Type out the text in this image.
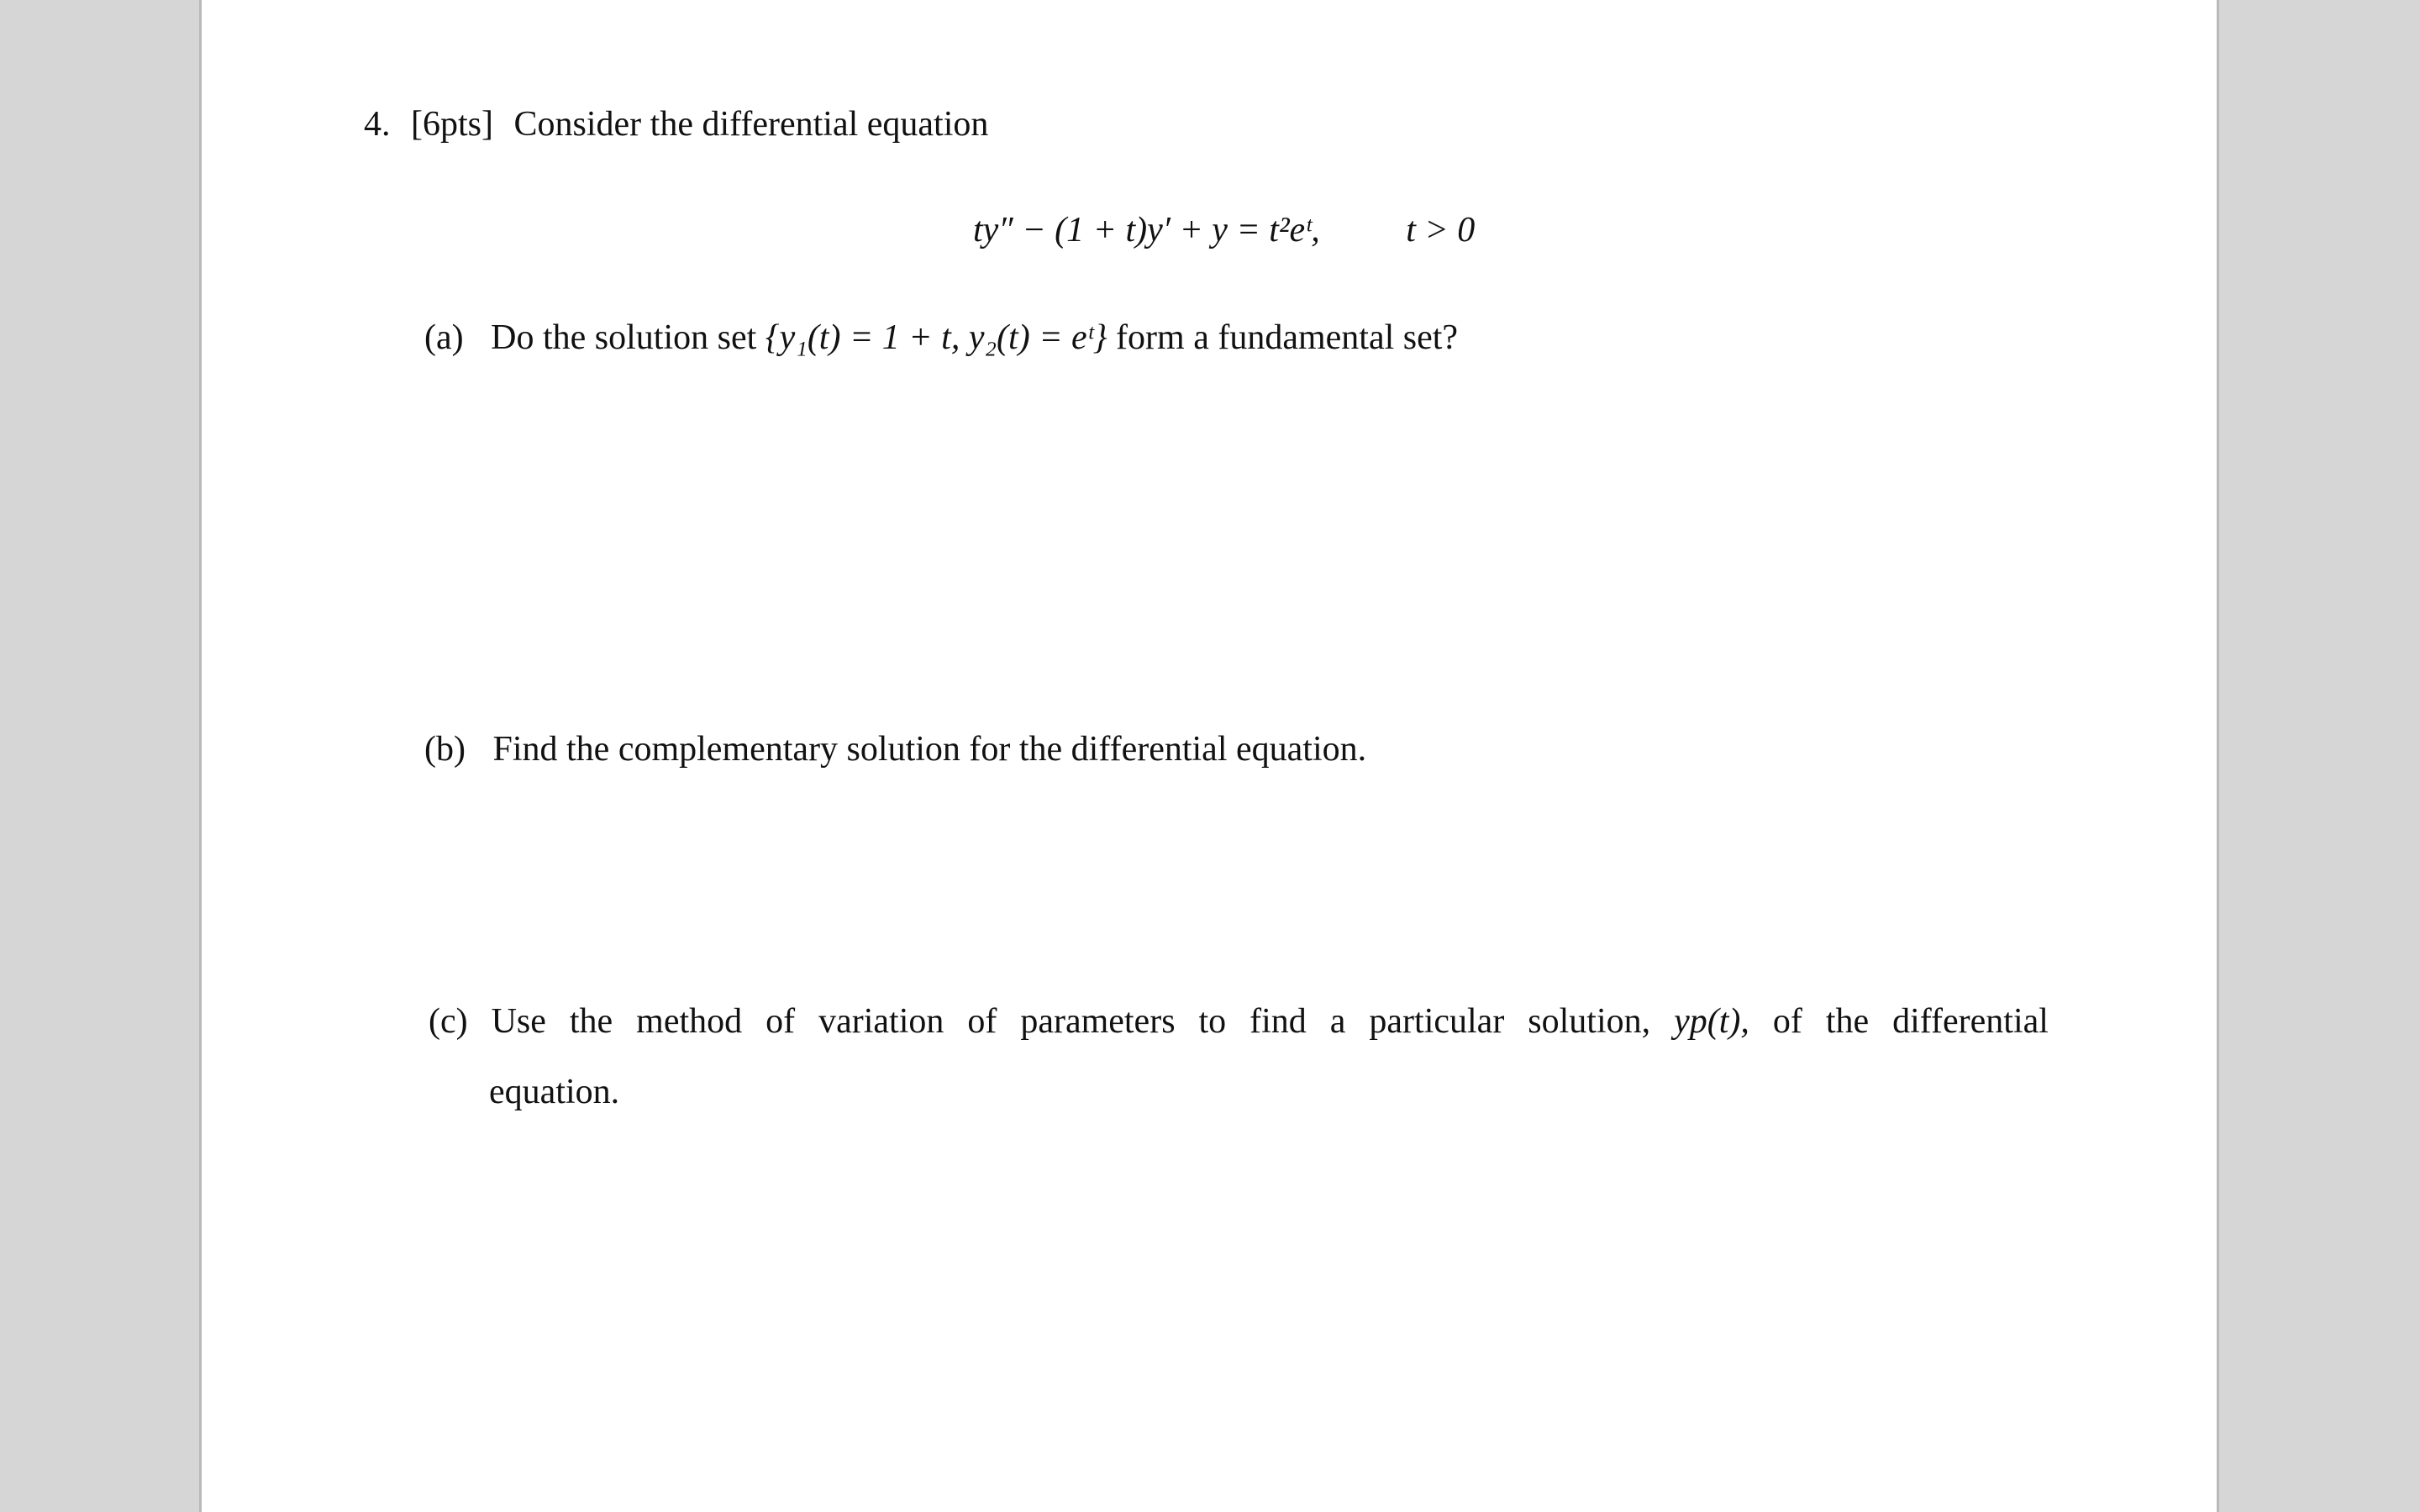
4. [6pts] Consider the differential equation
ty″ − (1 + t)y′ + y = t²eᵗ, t > 0
(a) Do the solution set {y₁(t) = 1 + t, y₂(t) = eᵗ} form a fundamental set?
(b) Find the complementary solution for the differential equation.
(c) Use the method of variation of parameters to find a particular solution, yp(t), of the differential
equation.
